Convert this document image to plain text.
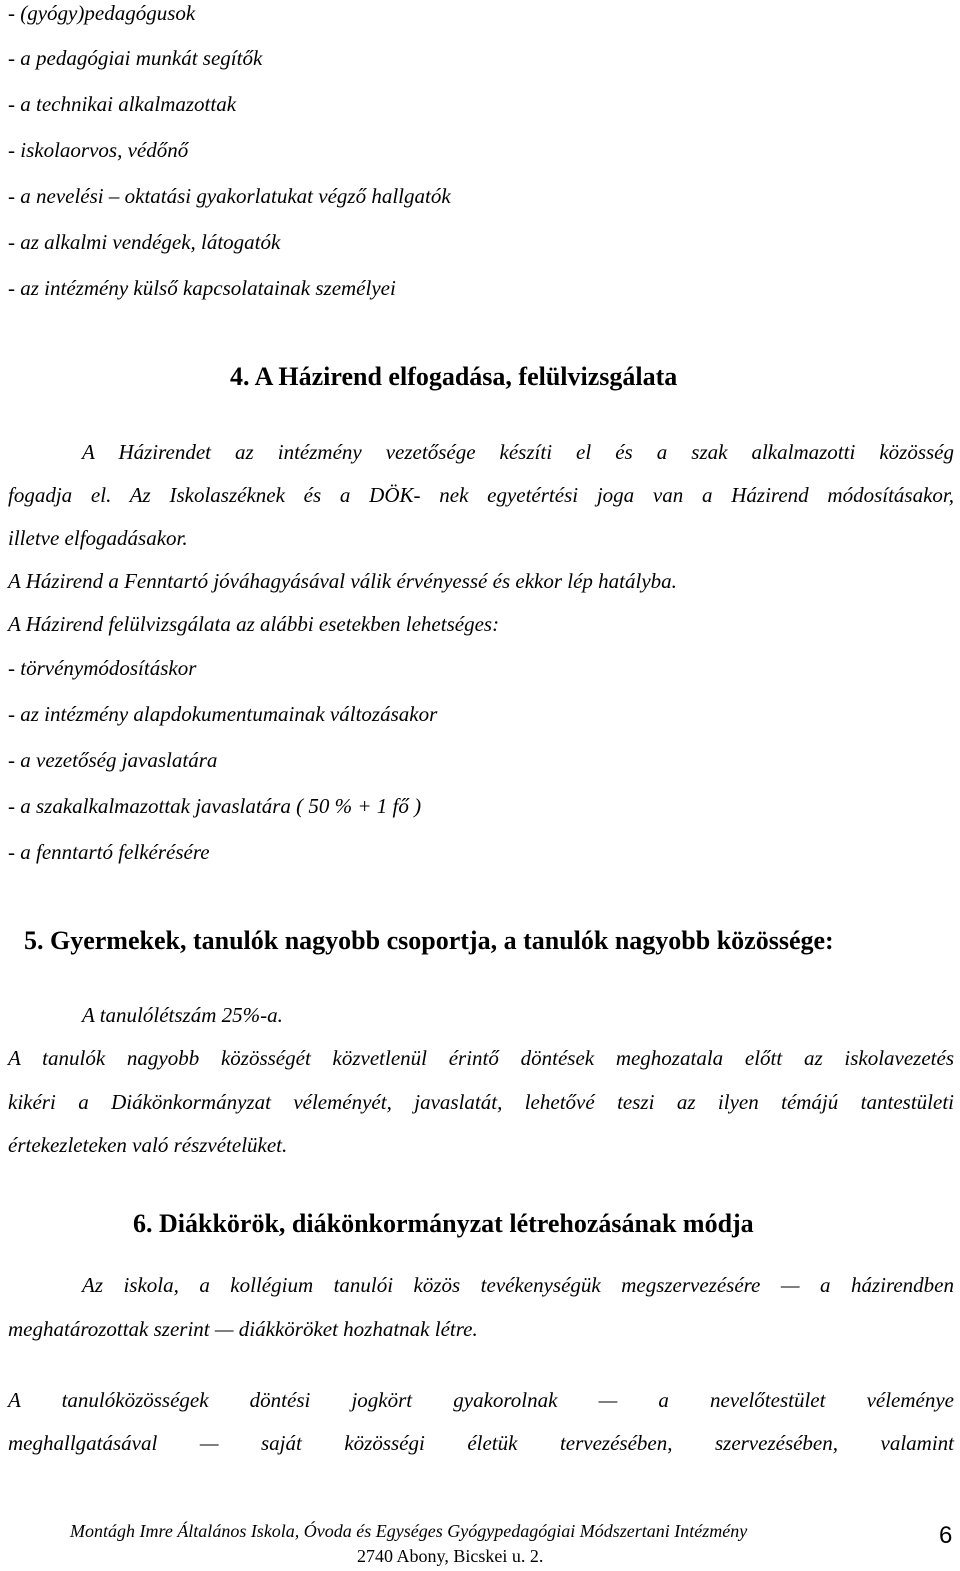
- (gyógy)pedagógusok
- a pedagógiai munkát segítők
- a technikai alkalmazottak
- iskolaorvos, védőnő
- a nevelési – oktatási gyakorlatukat végző hallgatók
- az alkalmi vendégek, látogatók
- az intézmény külső kapcsolatainak személyei
4. A Házirend elfogadása, felülvizsgálata
A Házirendet az intézmény vezetősége készíti el és a szak alkalmazotti közösség
fogadja el. Az Iskolaszéknek és a DÖK- nek egyetértési joga van a Házirend módosításakor,
illetve elfogadásakor.
A Házirend a Fenntartó jóváhagyásával válik érvényessé és ekkor lép hatályba.
A Házirend felülvizsgálata az alábbi esetekben lehetséges:
- törvénymódosításkor
- az intézmény alapdokumentumainak változásakor
- a vezetőség javaslatára
- a szakalkalmazottak javaslatára ( 50 % + 1 fő )
- a fenntartó felkérésére
5. Gyermekek, tanulók nagyobb csoportja, a tanulók nagyobb közössége:
A tanulólétszám 25%-a.
A tanulók nagyobb közösségét közvetlenül érintő döntések meghozatala előtt az iskolavezetés
kikéri a Diákönkormányzat véleményét, javaslatát, lehetővé teszi az ilyen témájú tantestületi
értekezleteken való részvételüket.
6. Diákkörök, diákönkormányzat létrehozásának módja
Az iskola, a kollégium tanulói közös tevékenységük megszervezésére — a házirendben
meghatározottak szerint — diákköröket hozhatnak létre.
A tanulóközösségek döntési jogkört gyakorolnak — a nevelőtestület véleménye
meghallgatásával — saját közösségi életük tervezésében, szervezésében, valamint
Montágh Imre Általános Iskola, Óvoda és Egységes Gyógypedagógiai Módszertani Intézmény
2740 Abony, Bicskei u. 2.
6
